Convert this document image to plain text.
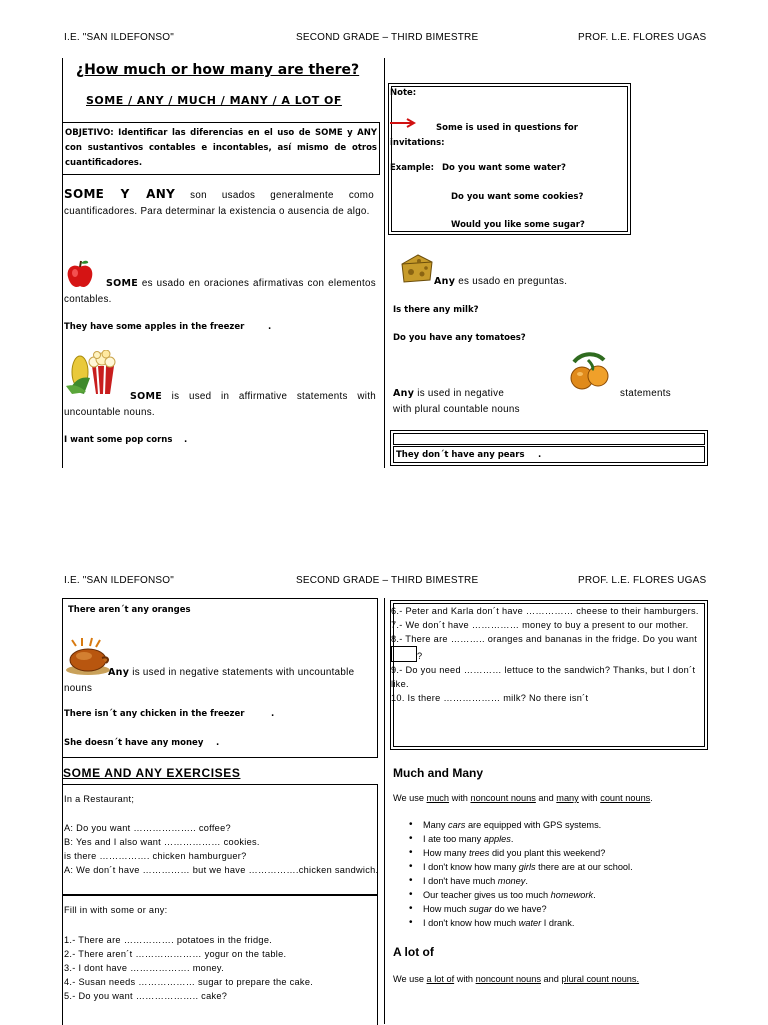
I.E. "SAN ILDEFONSO"	SECOND GRADE – THIRD BIMESTRE	PROF. L.E. FLORES UGAS
¿How much or how many are there?
SOME / ANY / MUCH / MANY / A LOT OF
OBJETIVO: Identificar las diferencias en el uso de SOME y ANY con sustantivos contables e incontables, así mismo de otros cuantificadores.
SOME Y ANY son usados generalmente como cuantificadores. Para determinar la existencia o ausencia de algo.
SOME es usado en oraciones afirmativas con elementos contables.
They have some apples in the freezer	.
SOME is used in affirmative statements with uncountable nouns.
I want some pop corns .
Note:
Some is used in questions for invitations:
Example: Do you want some water?
Do you want some cookies?
Would you like some sugar?
Any es usado en preguntas.
Is there any milk?
Do you have any tomatoes?
Any is used in negative	statements
with plural countable nouns
They don´t have any pears .
I.E. "SAN ILDEFONSO"	SECOND GRADE – THIRD BIMESTRE	PROF. L.E. FLORES UGAS
There aren´t any oranges
Any is used in negative statements with uncountable nouns
There isn´t any chicken in the freezer	.
She doesn´t have any money .
SOME AND ANY EXERCISES
In a Restaurant;
A: Do you want ……………….. coffee?
B: Yes and I also want ……………… cookies.
is there ……………. chicken hamburguer?
A: We don´t have …………… but we have …………….chicken sandwich.
Fill in with some or any:
1.- There are ……………. potatoes in the fridge.
2.- There aren´t ………………… yogur on the table.
3.- I dont have ………………. money.
4.- Susan needs ……………… sugar to prepare the cake.
5.- Do you want ……………….. cake?
6.- Peter and Karla don´t have …………… cheese to their hamburgers.
7.- We don´t have …………… money to buy a present to our mother.
8.- There are ……….. oranges and bananas in the fridge. Do you want ?
9.- Do you need ………… lettuce to the sandwich? Thanks, but I don´t like.
10. Is there ……………… milk? No there isn´t
Much and Many
We use much with noncount nouns and many with count nouns.
• Many cars are equipped with GPS systems.
• I ate too many apples.
• How many trees did you plant this weekend?
• I don't know how many girls there are at our school.
• I don't have much money.
• Our teacher gives us too much homework.
• How much sugar do we have?
• I don't know how much water I drank.
A lot of
We use a lot of with noncount nouns and plural count nouns.
